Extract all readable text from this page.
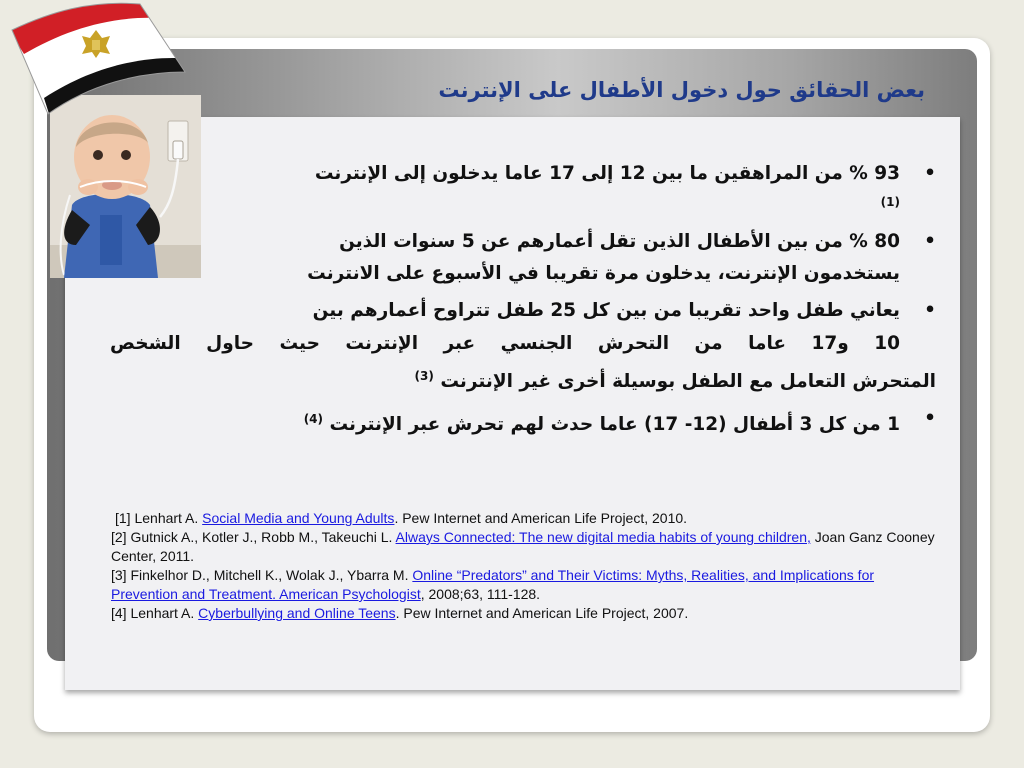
بعض الحقائق حول دخول الأطفال على الإنترنت
•
93 % من المراهقين ما بين 12 إلى 17 عاما يدخلون إلى الإنترنت $^{(1)}$
•
80 % من بين الأطفال الذين تقل أعمارهم عن 5 سنوات الذين
يستخدمون الإنترنت، يدخلون مرة تقريبا في الأسبوع على الانترنت
•
يعاني طفل واحد تقريبا من بين كل 25 طفل تتراوح أعمارهم بين
10 و17 عاما من التحرش الجنسي عبر الإنترنت حيث حاول الشخص
المتحرش التعامل مع الطفل بوسيلة أخرى غير الإنترنت $^{(3)}$
•
1 من كل 3 أطفال (12- 17) عاما حدث لهم تحرش عبر الإنترنت $^{(4)}$
[1] Lenhart A. Social Media and Young Adults. Pew Internet and American Life Project, 2010.
[2] Gutnick A., Kotler J., Robb M., Takeuchi L. Always Connected: The new digital media habits of young children, Joan Ganz Cooney Center, 2011.
[3] Finkelhor D., Mitchell K., Wolak J., Ybarra M. Online “Predators” and Their Victims: Myths, Realities, and Implications for Prevention and Treatment. American Psychologist, 2008;63, 111-128.
[4] Lenhart A. Cyberbullying and Online Teens. Pew Internet and American Life Project, 2007.
